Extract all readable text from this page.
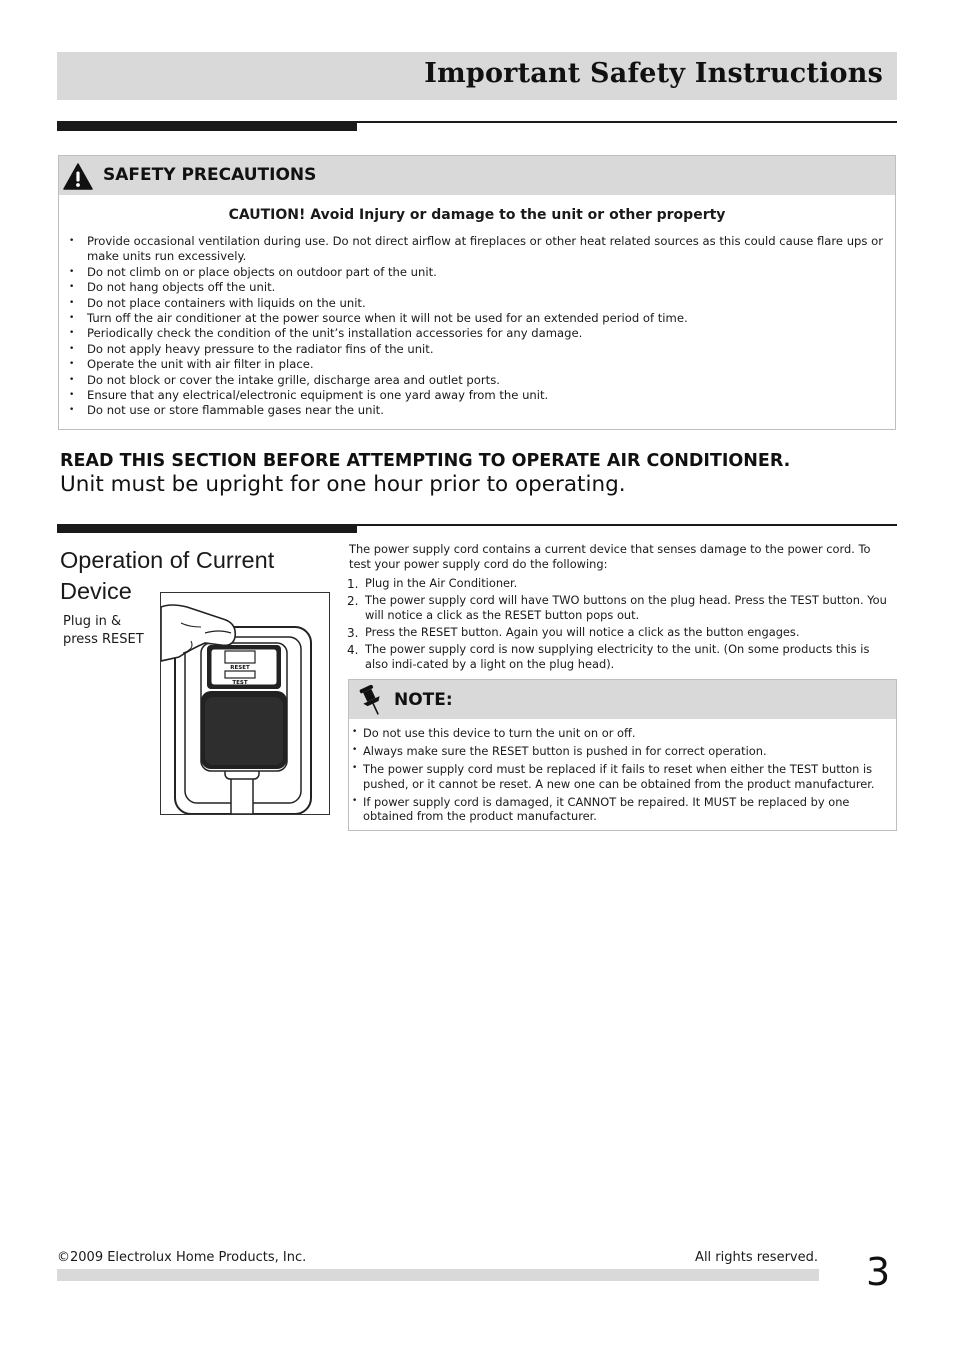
Important Safety Instructions
SAFETY PRECAUTIONS
CAUTION! Avoid Injury or damage to the unit or other property
• Provide occasional ventilation during use. Do not direct airflow at fireplaces or other heat related sources as this could cause flare ups or make units run excessively.
• Do not climb on or place objects on outdoor part of the unit.
• Do not hang objects off the unit.
• Do not place containers with liquids on the unit.
• Turn off the air conditioner at the power source when it will not be used for an extended period of time.
• Periodically check the condition of the unit’s installation accessories for any damage.
• Do not apply heavy pressure to the radiator fins of the unit.
• Operate the unit with air filter in place.
• Do not block or cover the intake grille, discharge area and outlet ports.
• Ensure that any electrical/electronic equipment is one yard away from the unit.
• Do not use or store flammable gases near the unit.
READ THIS SECTION BEFORE ATTEMPTING TO OPERATE AIR CONDITIONER.
Unit must be upright for one hour prior to operating.
Operation of Current Device
Plug in & press RESET
RESET
TEST
The power supply cord contains a current device that senses damage to the power cord. To test your power supply cord do the following:
1. Plug in the Air Conditioner.
2. The power supply cord will have TWO buttons on the plug head. Press the TEST button. You will notice a click as the RESET button pops out.
3. Press the RESET button. Again you will notice a click as the button engages.
4. The power supply cord is now supplying electricity to the unit. (On some products this is also indi-cated by a light on the plug head).
NOTE:
• Do not use this device to turn the unit on or off.
• Always make sure the RESET button is pushed in for correct operation.
• The power supply cord must be replaced if it fails to reset when either the TEST button is pushed, or it cannot be reset. A new one can be obtained from the product manufacturer.
• If power supply cord is damaged, it CANNOT be repaired. It MUST be replaced by one obtained from the product manufacturer.
©2009 Electrolux Home Products, Inc.	All rights reserved. 3
